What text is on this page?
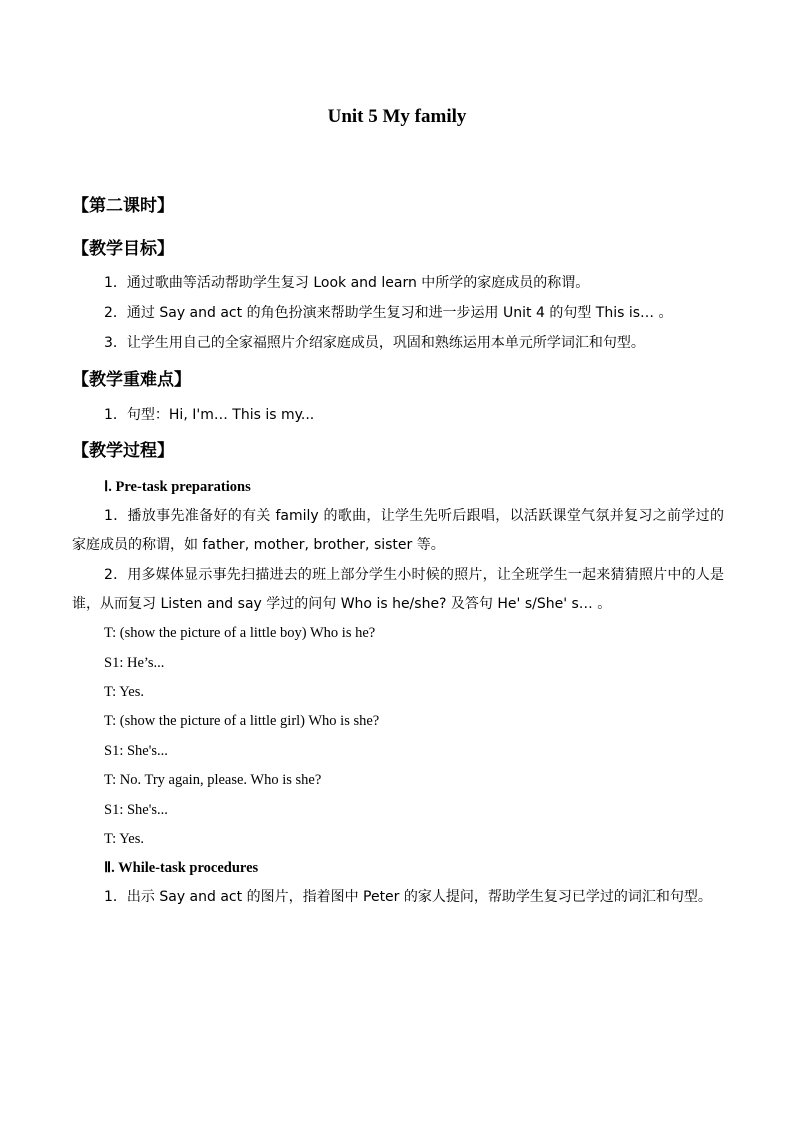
Unit 5 My family
【第二课时】
【教学目标】
1．通过歌曲等活动帮助学生复习 Look and learn 中所学的家庭成员的称谓。
2．通过 Say and act 的角色扮演来帮助学生复习和进一步运用 Unit 4 的句型 This is… 。
3．让学生用自己的全家福照片介绍家庭成员，巩固和熟练运用本单元所学词汇和句型。
【教学重难点】
1．句型：Hi, I'm… This is my...
【教学过程】
Ⅰ. Pre-task preparations
1．播放事先准备好的有关 family 的歌曲，让学生先听后跟唱，以活跃课堂气氛并复习之前学过的家庭成员的称谓，如 father, mother, brother, sister 等。
2．用多媒体显示事先扫描进去的班上部分学生小时候的照片，让全班学生一起来猜猜照片中的人是谁，从而复习 Listen and say 学过的问句 Who is he/she? 及答句 He' s/She' s… 。
T: (show the picture of a little boy) Who is he?
S1: He’s...
T: Yes.
T: (show the picture of a little girl) Who is she?
S1: She's...
T: No. Try again, please. Who is she?
S1: She's...
T: Yes.
Ⅱ. While-task procedures
1．出示 Say and act 的图片，指着图中 Peter 的家人提问，帮助学生复习已学过的词汇和句型。
